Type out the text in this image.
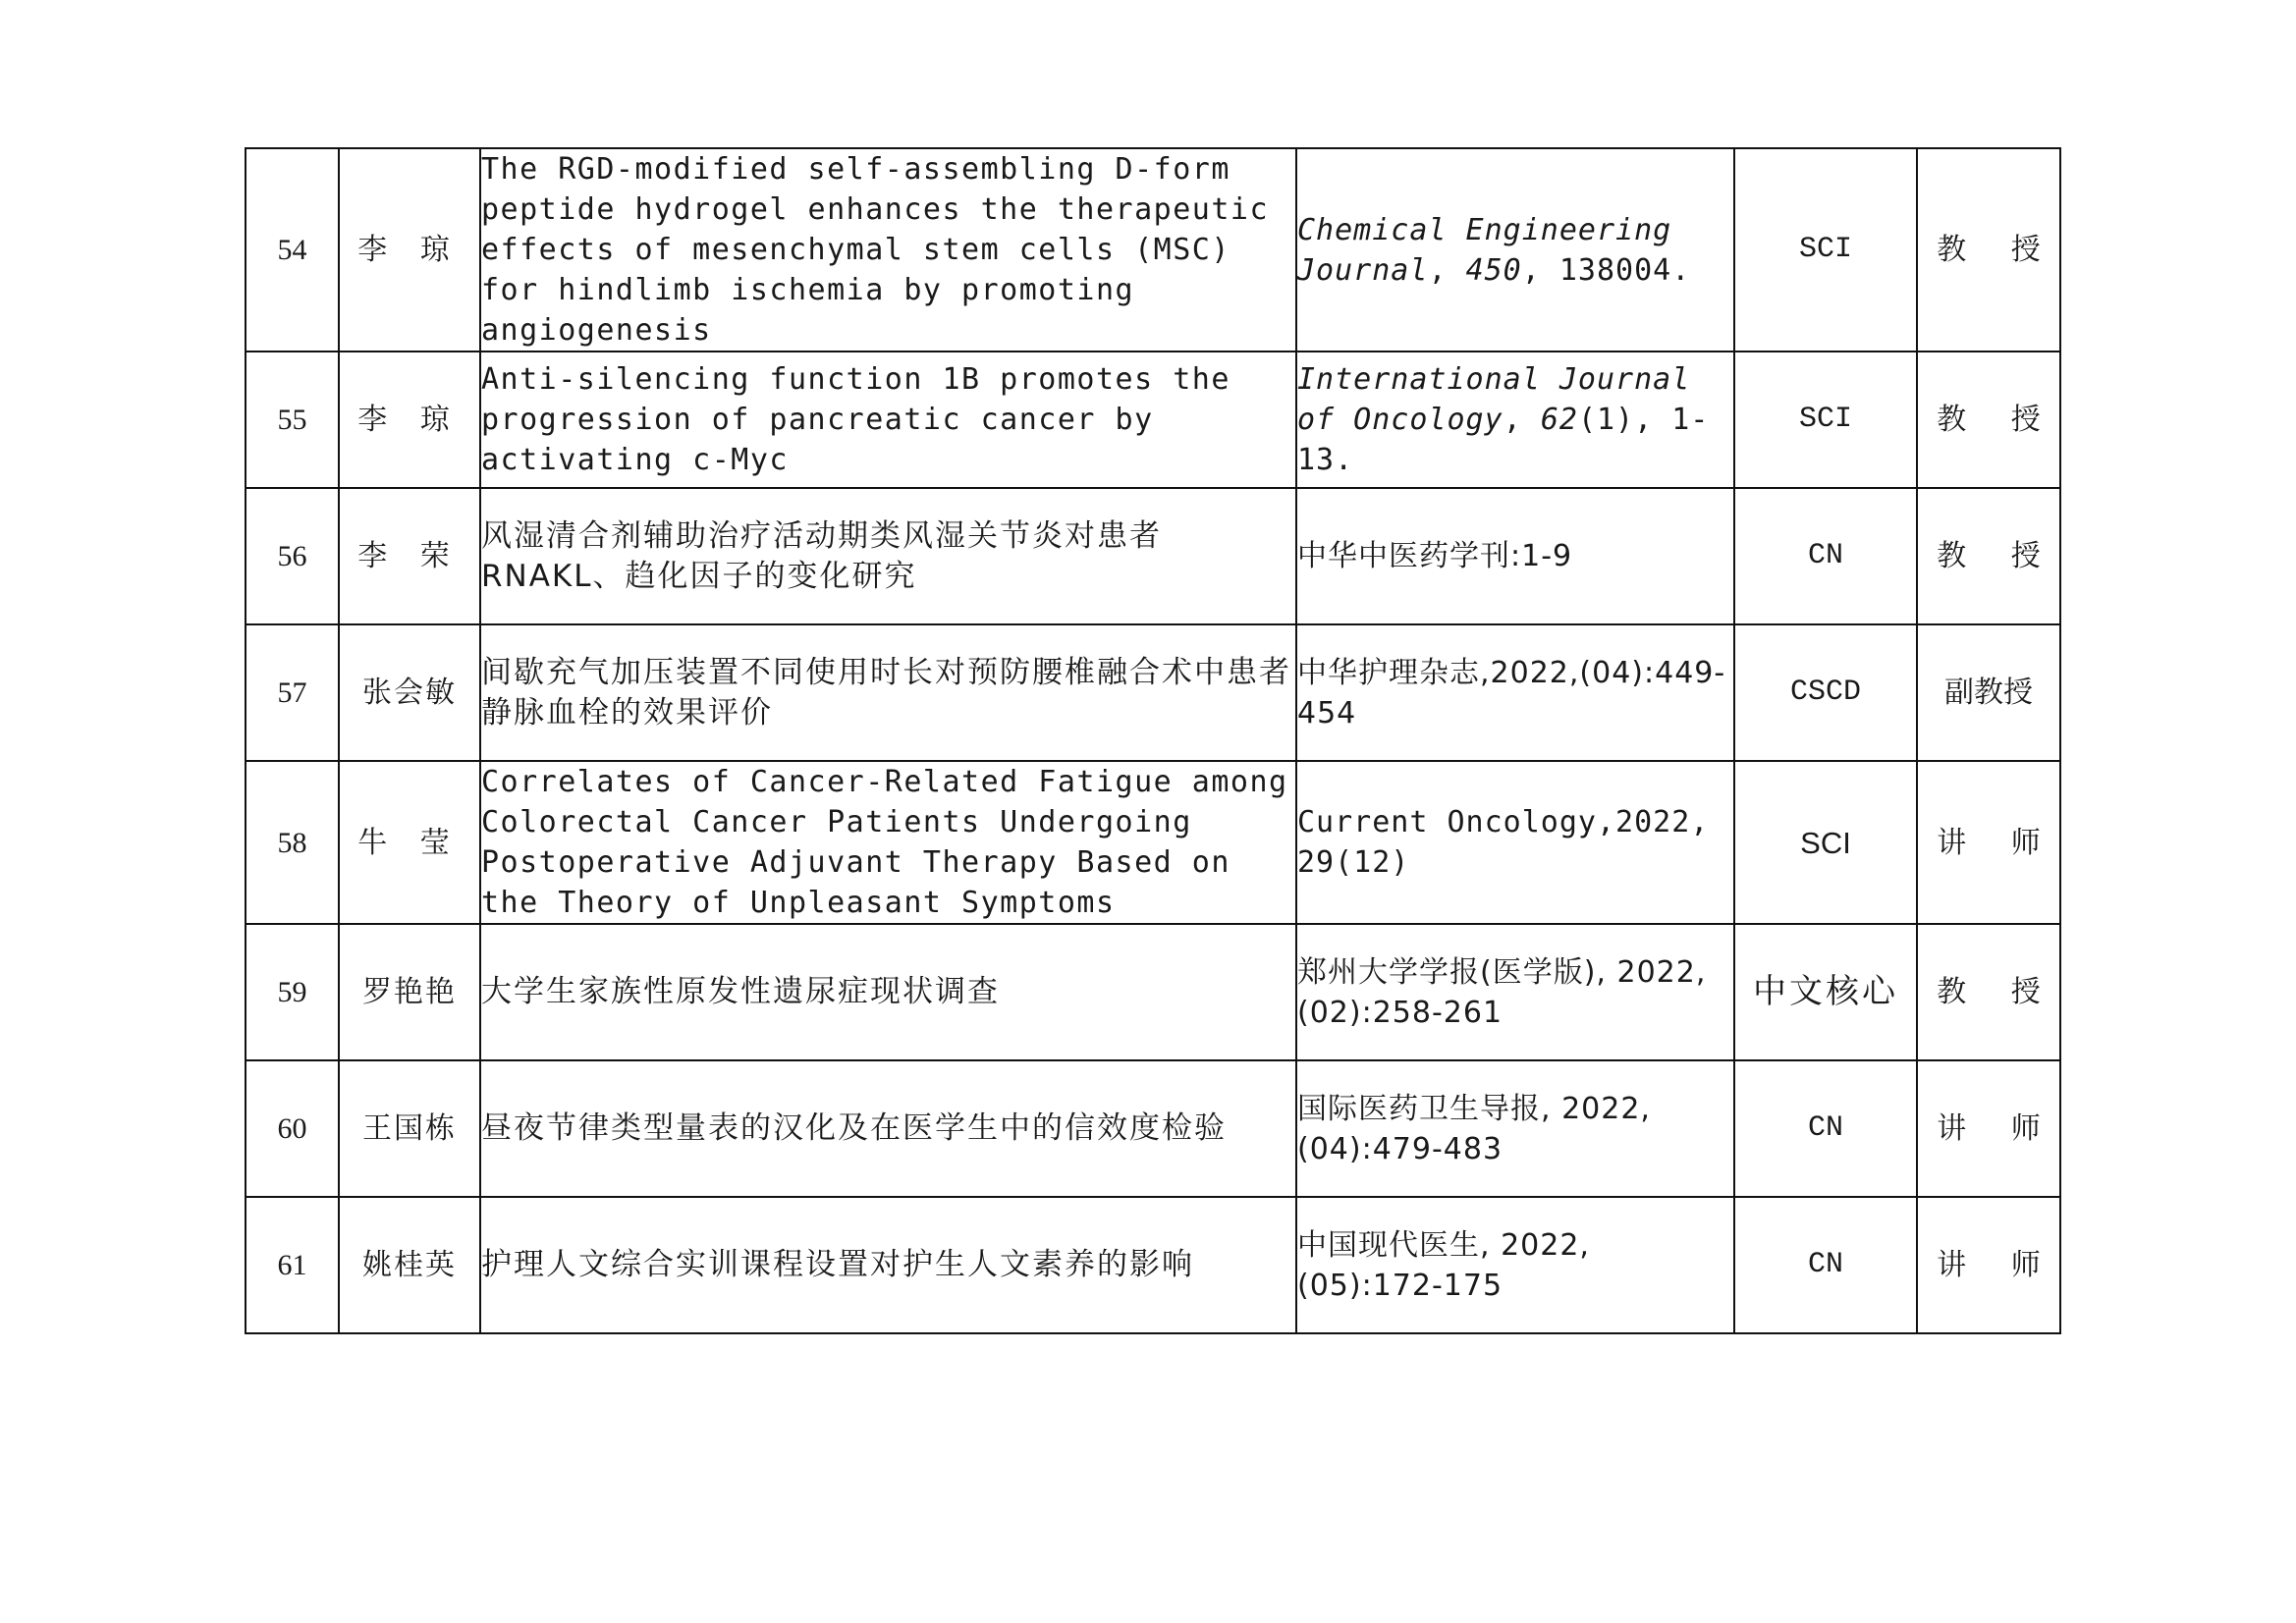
54	李 琼	The RGD-modified self-assembling D-form peptide hydrogel enhances the therapeutic effects of mesenchymal stem cells (MSC) for hindlimb ischemia by promoting angiogenesis	Chemical Engineering Journal, 450, 138004.	SCI	教 授
55	李 琼	Anti-silencing function 1B promotes the progression of pancreatic cancer by activating c-Myc	International Journal of Oncology, 62(1), 1-13.	SCI	教 授
56	李 荣	风湿清合剂辅助治疗活动期类风湿关节炎对患者RNAKL、趋化因子的变化研究	中华中医药学刊:1-9	CN	教 授
57	张会敏	间歇充气加压装置不同使用时长对预防腰椎融合术中患者静脉血栓的效果评价	中华护理杂志,2022,(04):449-454	CSCD	副教授
58	牛 莹	Correlates of Cancer-Related Fatigue among Colorectal Cancer Patients Undergoing Postoperative Adjuvant Therapy Based on the Theory of Unpleasant Symptoms	Current Oncology,2022, 29(12)	SCI	讲 师
59	罗艳艳	大学生家族性原发性遗尿症现状调查	郑州大学学报(医学版), 2022,(02):258-261	中文核心	教 授
60	王国栋	昼夜节律类型量表的汉化及在医学生中的信效度检验	国际医药卫生导报, 2022,(04):479-483	CN	讲 师
61	姚桂英	护理人文综合实训课程设置对护生人文素养的影响	中国现代医生, 2022,(05):172-175	CN	讲 师
